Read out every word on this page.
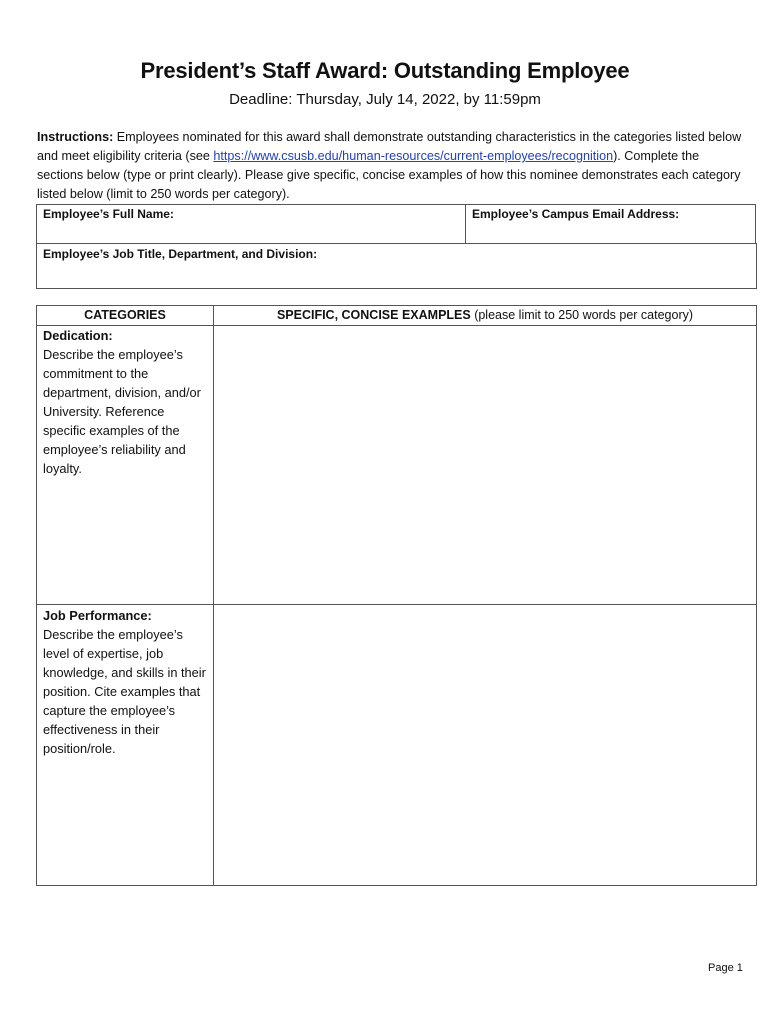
President’s Staff Award: Outstanding Employee
Deadline: Thursday, July 14, 2022, by 11:59pm
Instructions: Employees nominated for this award shall demonstrate outstanding characteristics in the categories listed below and meet eligibility criteria (see https://www.csusb.edu/human-resources/current-employees/recognition). Complete the sections below (type or print clearly). Please give specific, concise examples of how this nominee demonstrates each category listed below (limit to 250 words per category).
Employee’s Full Name:	Employee’s Campus Email Address:
Employee’s Job Title, Department, and Division:
CATEGORIES	SPECIFIC, CONCISE EXAMPLES (please limit to 250 words per category)
Dedication:
Describe the employee’s commitment to the department, division, and/or University. Reference specific examples of the employee’s reliability and loyalty.
Job Performance:
Describe the employee’s level of expertise, job knowledge, and skills in their position. Cite examples that capture the employee’s effectiveness in their position/role.
Page 1
